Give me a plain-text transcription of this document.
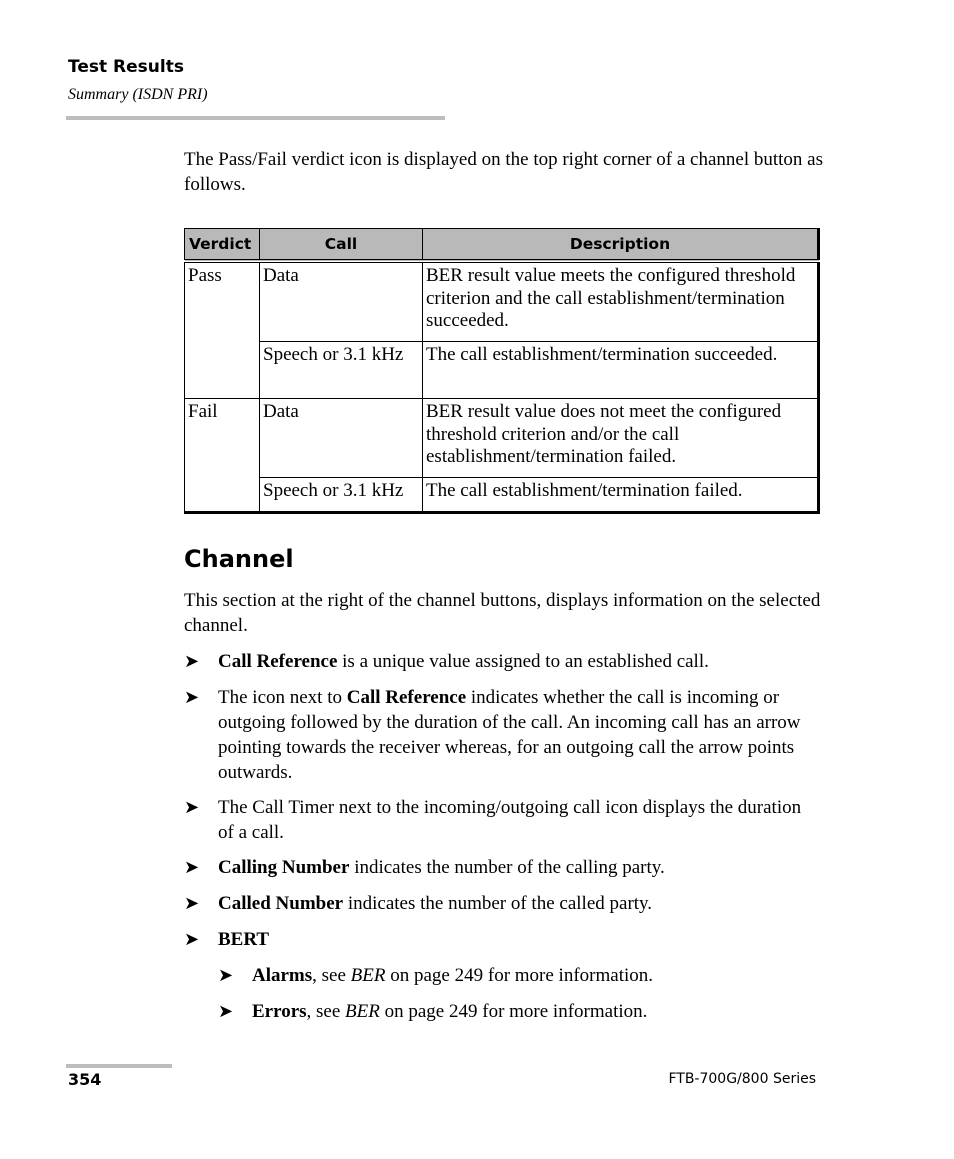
Test Results
Summary (ISDN PRI)

The Pass/Fail verdict icon is displayed on the top right corner of a channel button as follows.

Verdict	Call	Description
Pass	Data	BER result value meets the configured threshold criterion and the call establishment/termination succeeded.
	Speech or 3.1 kHz	The call establishment/termination succeeded.
Fail	Data	BER result value does not meet the configured threshold criterion and/or the call establishment/termination failed.
	Speech or 3.1 kHz	The call establishment/termination failed.
Channel

This section at the right of the channel buttons, displays information on the selected channel.

➤ Call Reference is a unique value assigned to an established call.
➤ The icon next to Call Reference indicates whether the call is incoming or outgoing followed by the duration of the call. An incoming call has an arrow pointing towards the receiver whereas, for an outgoing call the arrow points outwards.
➤ The Call Timer next to the incoming/outgoing call icon displays the duration of a call.
➤ Calling Number indicates the number of the calling party.
➤ Called Number indicates the number of the called party.
➤ BERT
➤ Alarms, see BER on page 249 for more information.
➤ Errors, see BER on page 249 for more information.
354	FTB-700G/800 Series
